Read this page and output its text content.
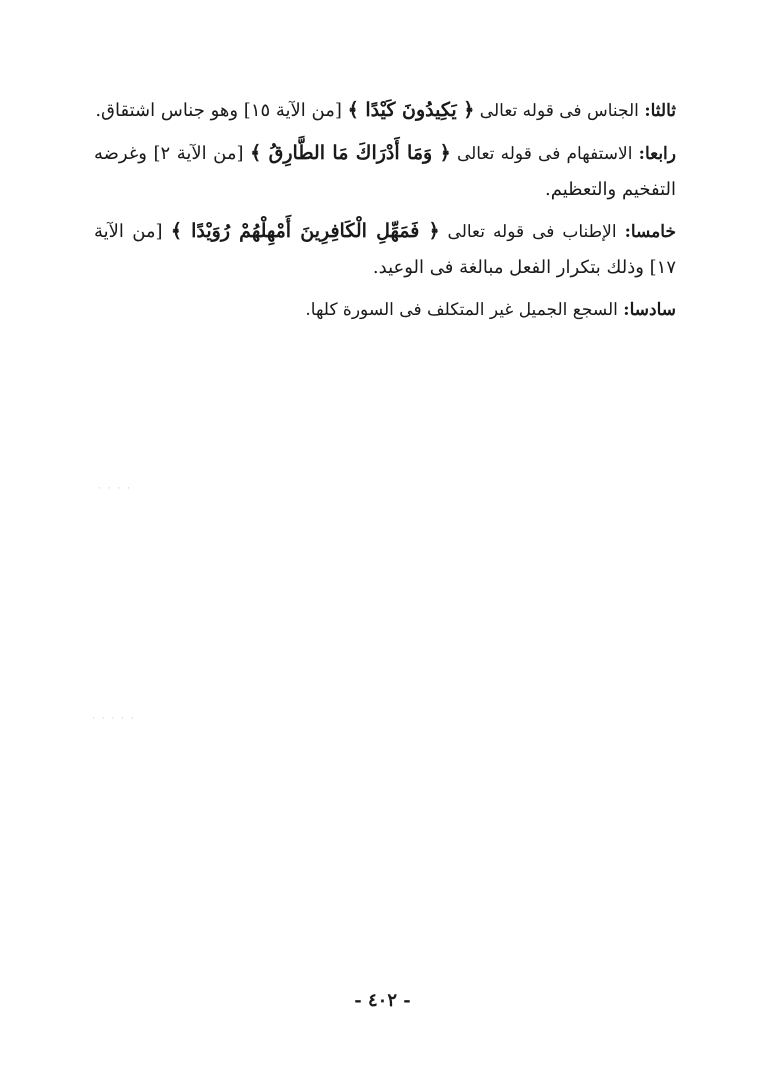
ثالثا: الجناس فى قوله تعالى ﴿ يَكِيدُونَ كَيْدًا ﴾ [من الآية ١٥] وهو جناس اشتقاق.

رابعا: الاستفهام فى قوله تعالى ﴿ وَمَا أَدْرَاكَ مَا الطَّارِقُ ﴾ [من الآية ٢] وغرضه التفخيم والتعظيم.

خامسا: الإطناب فى قوله تعالى ﴿ فَمَهِّلِ الْكَافِرِينَ أَمْهِلْهُمْ رُوَيْدًا ﴾ [من الآية ١٧] وذلك بتكرار الفعل مبالغة فى الوعيد.

سادسا: السجع الجميل غير المتكلف فى السورة كلها.

· · · ·
· · · · ·
- ٤٠٢ -
